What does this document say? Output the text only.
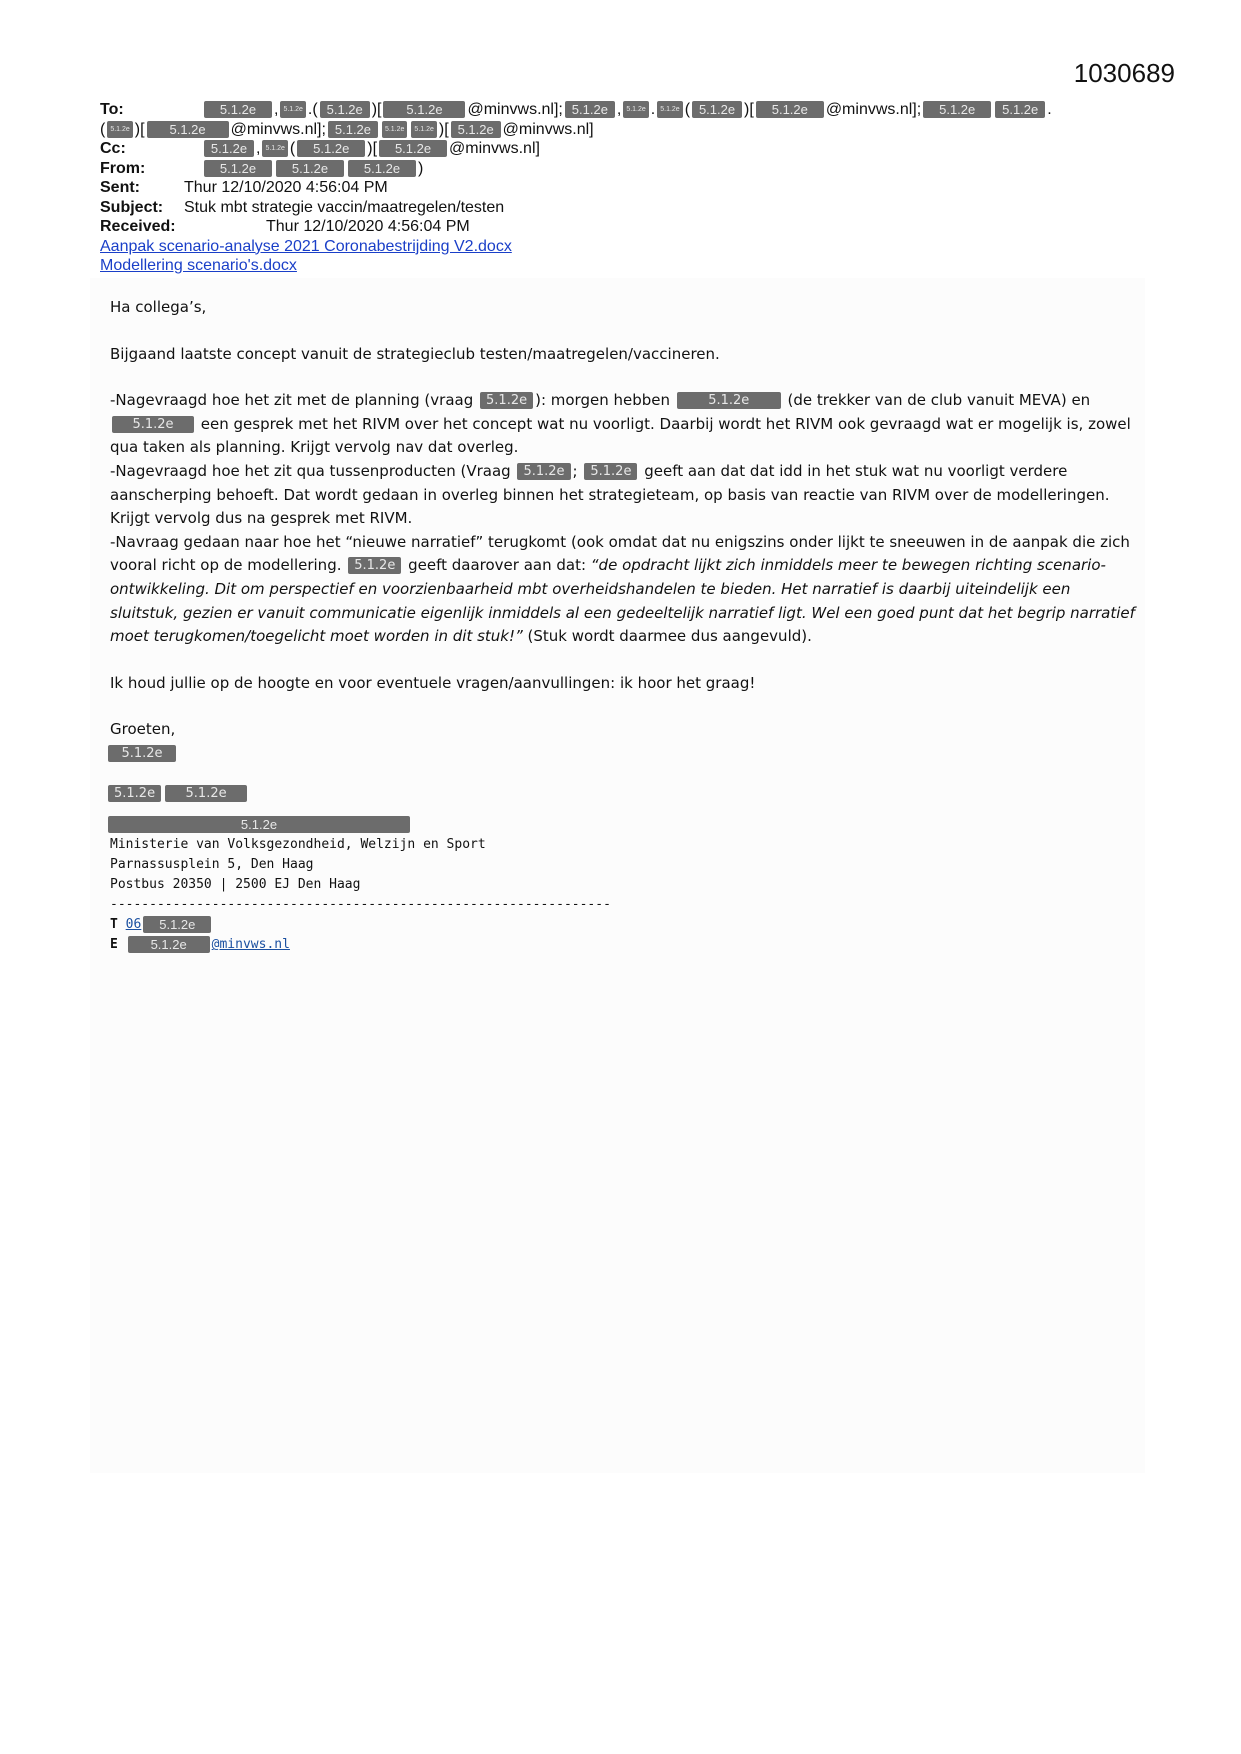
1030689
To:	5.1.2e	, 5.1.2e . ( 5.1.2e )[	5.1.2e	@minvws.nl]; 5.1.2e , 5.1.2e . 5.1.2e ( 5.1.2e )[	5.1.2e	@minvws.nl];	5.1.2e	5.1.2e .
( 5.1.2e )[	5.1.2e	@minvws.nl]; 5.1.2e	5.1.2e	5.1.2e )[ 5.1.2e @minvws.nl]
Cc:	5.1.2e , 5.1.2e (	5.1.2e	)[	5.1.2e	@minvws.nl]
From:	5.1.2e	5.1.2e	5.1.2e	)
Sent:	Thur 12/10/2020 4:56:04 PM
Subject:	Stuk mbt strategie vaccin/maatregelen/testen
Received:	Thur 12/10/2020 4:56:04 PM
Aanpak scenario-analyse 2021 Coronabestrijding V2.docx
Modellering scenario's.docx

Ha collega’s,

Bijgaand laatste concept vanuit de strategieclub testen/maatregelen/vaccineren.

-Nagevraagd hoe het zit met de planning (vraag 5.1.2e ): morgen hebben	5.1.2e (de trekker van de club vanuit MEVA) en
5.1.2e een gesprek met het RIVM over het concept wat nu voorligt. Daarbij wordt het RIVM ook gevraagd wat er mogelijk is, zowel qua taken als planning. Krijgt vervolg nav dat overleg.

-Nagevraagd hoe het zit qua tussenproducten (Vraag 5.1.2e ; 5.1.2e geeft aan dat dat idd in het stuk wat nu voorligt verdere aanscherping behoeft. Dat wordt gedaan in overleg binnen het strategieteam, op basis van reactie van RIVM over de modelleringen. Krijgt vervolg dus na gesprek met RIVM.

-Navraag gedaan naar hoe het “nieuwe narratief” terugkomt (ook omdat dat nu enigszins onder lijkt te sneeuwen in de aanpak die zich vooral richt op de modellering. 5.1.2e geeft daarover aan dat: “de opdracht lijkt zich inmiddels meer te bewegen richting scenario-ontwikkeling. Dit om perspectief en voorzienbaarheid mbt overheidshandelen te bieden. Het narratief is daarbij uiteindelijk een sluitstuk, gezien er vanuit communicatie eigenlijk inmiddels al een gedeeltelijk narratief ligt. Wel een goed punt dat het begrip narratief moet terugkomen/toegelicht moet worden in dit stuk!” (Stuk wordt daarmee dus aangevuld).

Ik houd jullie op de hoogte en voor eventuele vragen/aanvullingen: ik hoor het graag!

Groeten,

5.1.2e
5.1.2e 5.1.2e
5.1.2e
Ministerie van Volksgezondheid, Welzijn en Sport
Parnassusplein 5, Den Haag
Postbus 20350 | 2500 EJ Den Haag
----------------------------------------------------------------
T 06 5.1.2e
E	5.1.2e @minvws.nl
